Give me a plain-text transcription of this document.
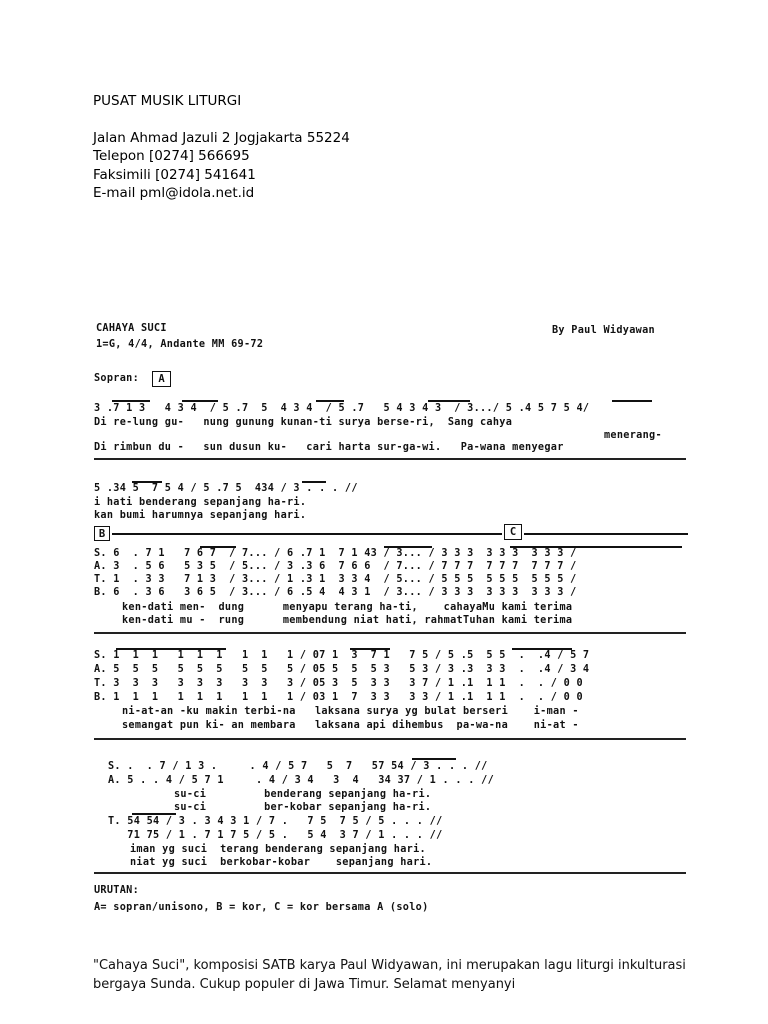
PUSAT MUSIK LITURGI
Jalan Ahmad Jazuli 2 Jogjakarta 55224
Telepon [0274] 566695
Faksimili [0274] 541641
E-mail pml@idola.net.id
CAHAYA SUCI	By Paul Widyawan
1=G, 4/4, Andante MM 69-72
Sopran:	A
3 .7 1 3   4 3 4  / 5 .7  5  4 3 4  / 5 .7   5 4 3 4 3  / 3.../ 5 .4 5 7 5 4/
Di re-lung gu-   nung gunung kunan-ti surya berse-ri,  Sang cahya
menerang-
Di rimbun du -   sun dusun ku-   cari harta sur-ga-wi.   Pa-wana menyegar
5 .34 5  7 5 4 / 5 .7 5  434 / 3 . . . //
i hati benderang sepanjang ha-ri.
kan bumi harumnya sepanjang hari.
B	C
S. 6  . 7 1   7 6 7  / 7... / 6 .7 1  7 1 43 / 3... / 3 3 3  3 3 3  3 3 3 /
A. 3  . 5 6   5 3 5  / 5... / 3 .3 6  7 6 6  / 7... / 7 7 7  7 7 7  7 7 7 /
T. 1  . 3 3   7 1 3  / 3... / 1 .3 1  3 3 4  / 5... / 5 5 5  5 5 5  5 5 5 /
B. 6  . 3 6   3 6 5  / 3... / 6 .5 4  4 3 1  / 3... / 3 3 3  3 3 3  3 3 3 /
ken-dati men-  dung      menyapu terang ha-ti,    cahayaMu kami terima
ken-dati mu -  rung      membendung niat hati, rahmatTuhan kami terima
S. 1  1  1   1  1  1   1  1   1 / 07 1  3  7 1   7 5 / 5 .5  5 5  .  .4 / 5 7
A. 5  5  5   5  5  5   5  5   5 / 05 5  5  5 3   5 3 / 3 .3  3 3  .  .4 / 3 4
T. 3  3  3   3  3  3   3  3   3 / 05 3  5  3 3   3 7 / 1 .1  1 1  .  . / 0 0
B. 1  1  1   1  1  1   1  1   1 / 03 1  7  3 3   3 3 / 1 .1  1 1  .  . / 0 0
ni-at-an -ku makin terbi-na   laksana surya yg bulat berseri    i-man -
semangat pun ki- an membara   laksana api dihembus  pa-wa-na    ni-at -
S. .  . 7 / 1 3 .     . 4 / 5 7   5  7   57 54 / 3 . . . //
A. 5 . . 4 / 5 7 1     . 4 / 3 4   3  4   34 37 / 1 . . . //
su-ci         benderang sepanjang ha-ri.
su-ci         ber-kobar sepanjang ha-ri.
T. 54 54 / 3 . 3 4 3 1 / 7 .   7 5  7 5 / 5 . . . //
71 75 / 1 . 7 1 7 5 / 5 .   5 4  3 7 / 1 . . . //
iman yg suci  terang benderang sepanjang hari.
niat yg suci  berkobar-kobar    sepanjang hari.
URUTAN:
A= sopran/unisono, B = kor, C = kor bersama A (solo)
"Cahaya Suci", komposisi SATB karya Paul Widyawan, ini merupakan lagu liturgi inkulturasi bergaya Sunda. Cukup populer di Jawa Timur. Selamat menyanyi
